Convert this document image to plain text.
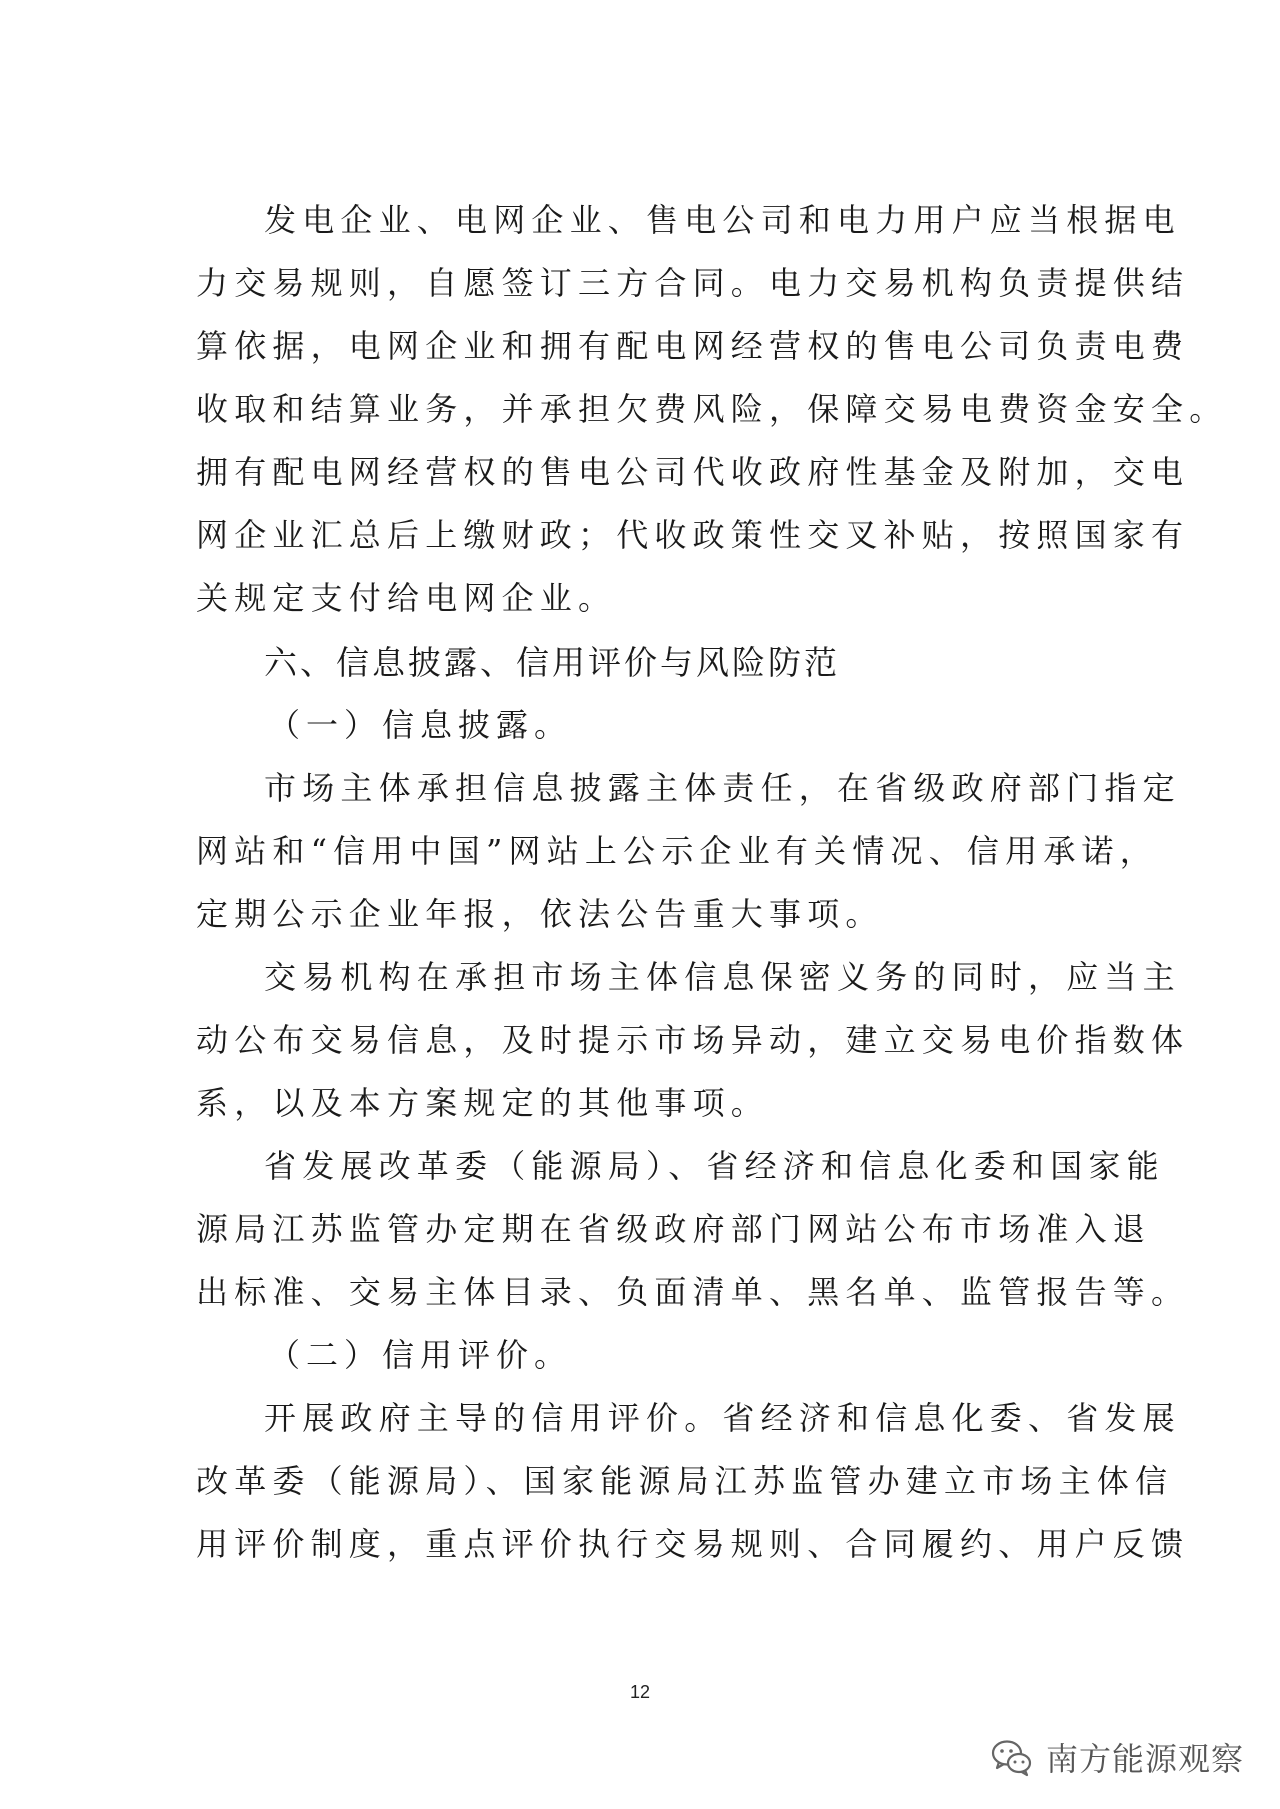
发电企业、电网企业、售电公司和电力用户应当根据电

力交易规则，自愿签订三方合同。电力交易机构负责提供结

算依据，电网企业和拥有配电网经营权的售电公司负责电费

收取和结算业务，并承担欠费风险，保障交易电费资金安全。

拥有配电网经营权的售电公司代收政府性基金及附加，交电

网企业汇总后上缴财政；代收政策性交叉补贴，按照国家有

关规定支付给电网企业。

六、信息披露、信用评价与风险防范

（一）信息披露。

市场主体承担信息披露主体责任，在省级政府部门指定

网站和“信用中国”网站上公示企业有关情况、信用承诺，

定期公示企业年报，依法公告重大事项。

交易机构在承担市场主体信息保密义务的同时，应当主

动公布交易信息，及时提示市场异动，建立交易电价指数体

系，以及本方案规定的其他事项。

省发展改革委（能源局）、省经济和信息化委和国家能

源局江苏监管办定期在省级政府部门网站公布市场准入退

出标准、交易主体目录、负面清单、黑名单、监管报告等。

（二）信用评价。

开展政府主导的信用评价。省经济和信息化委、省发展

改革委（能源局）、国家能源局江苏监管办建立市场主体信

用评价制度，重点评价执行交易规则、合同履约、用户反馈

12
南方能源观察
